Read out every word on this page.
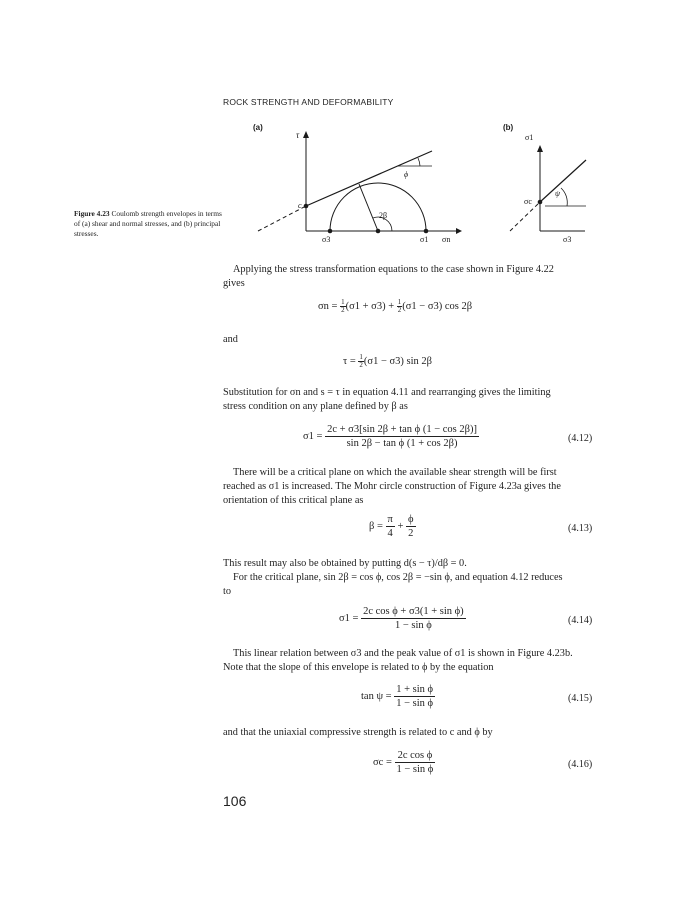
ROCK STRENGTH AND DEFORMABILITY
Figure 4.23 Coulomb strength envelopes in terms of (a) shear and normal stresses, and (b) principal stresses.
(a)
τ
2β
ϕ
c
σ3	σ1 σn
(b)
σ1
ψ
σc
σ3
Applying the stress transformation equations to the case shown in Figure 4.22
gives
$\sigma n = \frac{1}{2} (\sigma 1 + \sigma 3) + \frac{1}{2} (\sigma 1 - \sigma 3)$ cos 2β
and
$\tau = \frac{1}{2} (\sigma 1 - \sigma 3)$ sin 2β
Substitution for σn and s = τ in equation 4.11 and rearranging gives the limiting
stress condition on any plane defined by β as
$\sigma 1 = \frac{\text{2c + σ3[sin 2β + tan ϕ (1 − cos 2β)]}}{\text{sin 2β − tan ϕ (1 + cos 2β)}}$	(4.12)
There will be a critical plane on which the available shear strength will be first
reached as σ1 is increased. The Mohr circle construction of Figure 4.23a gives the
orientation of this critical plane as
$\beta = \frac{\pi}{4} + \frac{\phi}{2}$	(4.13)
This result may also be obtained by putting d(s − τ)/dβ = 0.
For the critical plane, sin 2β = cos ϕ, cos 2β = −sin ϕ, and equation 4.12 reduces
to
$\sigma 1 = \frac{\text{2c cos ϕ + σ3(1 + sin ϕ)}}{\text{1 − sin ϕ}}$	(4.14)
This linear relation between σ3 and the peak value of σ1 is shown in Figure 4.23b.
Note that the slope of this envelope is related to ϕ by the equation
$\tan \psi = \frac{\text{1 + sin ϕ}}{\text{1 − sin ϕ}}$	(4.15)
and that the uniaxial compressive strength is related to c and ϕ by
$\sigma c = \frac{\text{2c cos ϕ}}{\text{1 − sin ϕ}}$	(4.16)
106
